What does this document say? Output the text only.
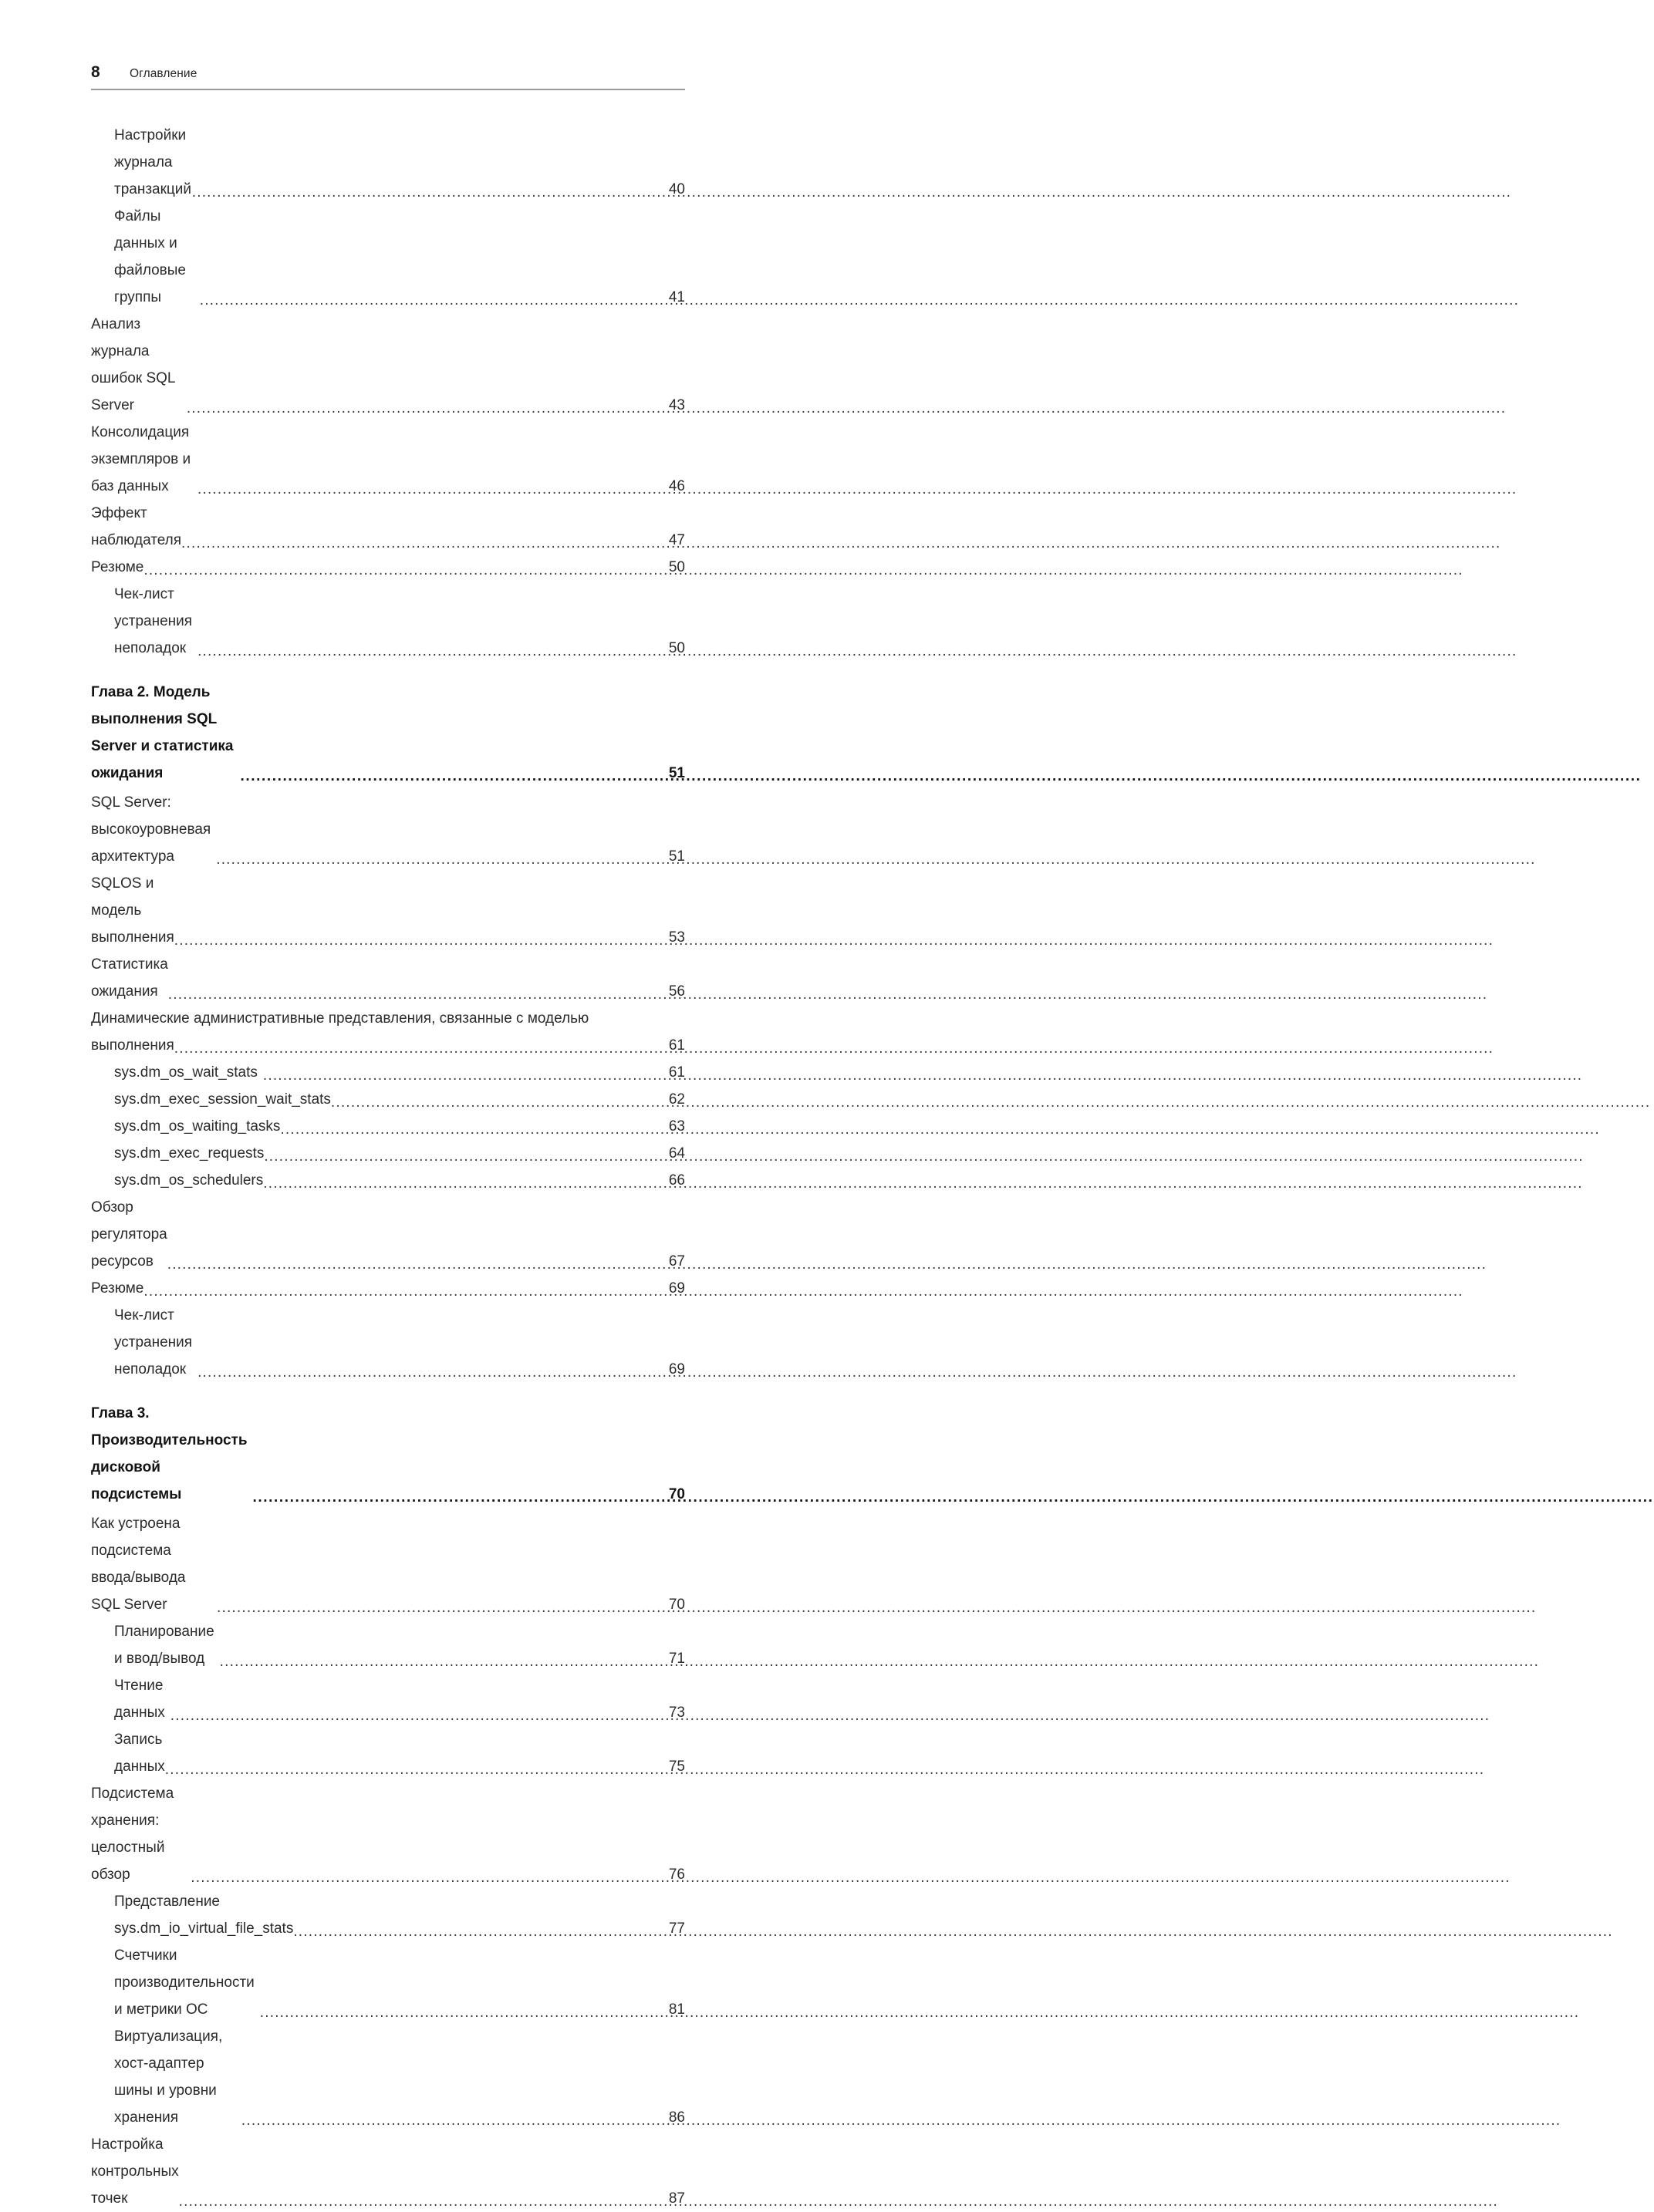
8	Оглавление
Настройки журнала транзакций .....	40
Файлы данных и файловые группы .....	41
Анализ журнала ошибок SQL Server .....	43
Консолидация экземпляров и баз данных .....	46
Эффект наблюдателя .....	47
Резюме .....	50
Чек-лист устранения неполадок .....	50
Глава 2. Модель выполнения SQL Server и статистика ожидания .....	51
SQL Server: высокоуровневая архитектура .....	51
SQLOS и модель выполнения .....	53
Статистика ожидания .....	56
Динамические административные представления, связанные с моделью
выполнения .....	61
sys.dm_os_wait_stats .....	61
sys.dm_exec_session_wait_stats .....	62
sys.dm_os_waiting_tasks .....	63
sys.dm_exec_requests .....	64
sys.dm_os_schedulers .....	66
Обзор регулятора ресурсов .....	67
Резюме .....	69
Чек-лист устранения неполадок .....	69
Глава 3. Производительность дисковой подсистемы .....	70
Как устроена подсистема ввода/вывода SQL Server .....	70
Планирование и ввод/вывод .....	71
Чтение данных .....	73
Запись данных .....	75
Подсистема хранения: целостный обзор .....	76
Представление sys.dm_io_virtual_file_stats .....	77
Счетчики производительности и метрики ОС .....	81
Виртуализация, хост-адаптер шины и уровни хранения .....	86
Настройка контрольных точек .....	87
